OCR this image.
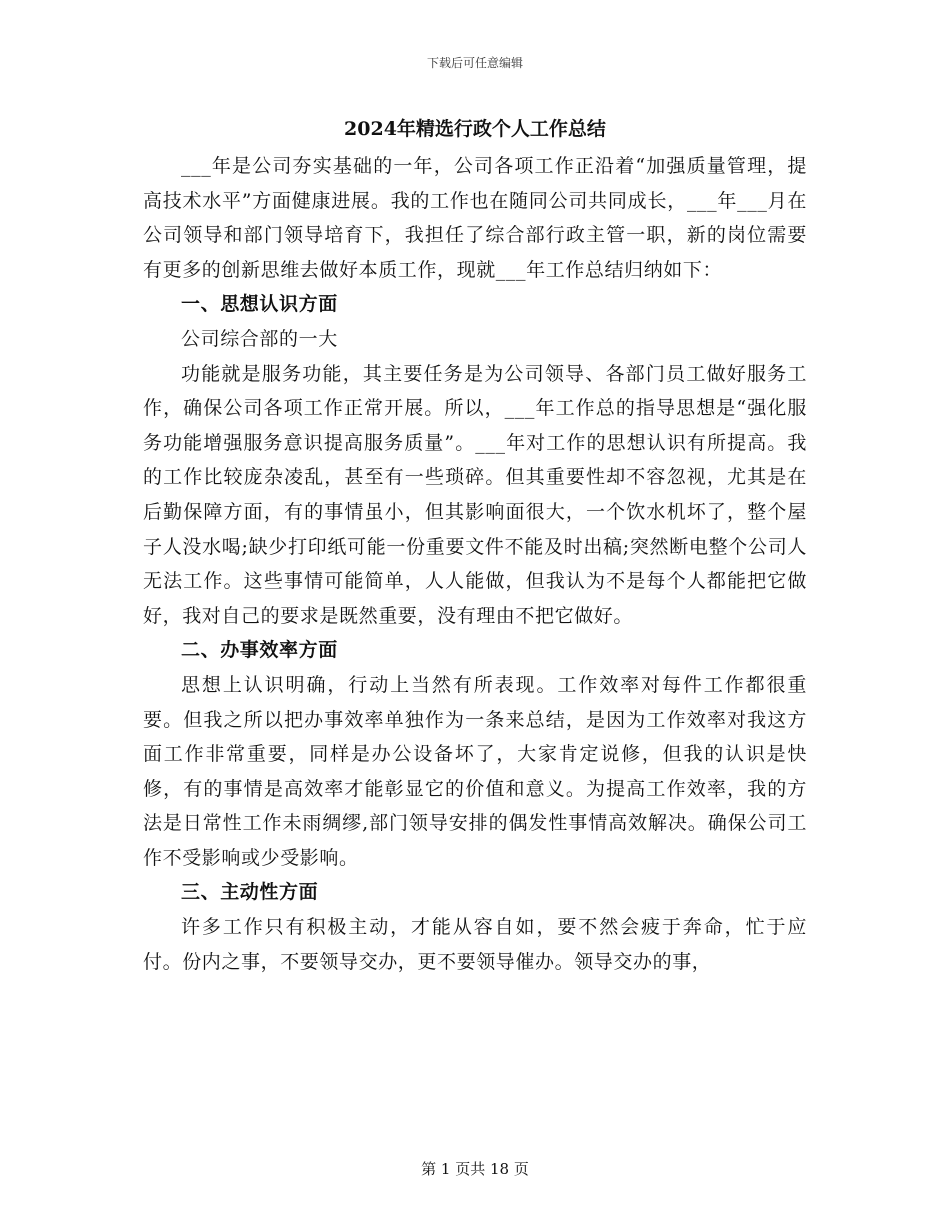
下载后可任意编辑
2024年精选行政个人工作总结

___年是公司夯实基础的一年，公司各项工作正沿着“加强质量管理，提高技术水平”方面健康进展。我的工作也在随同公司共同成长，___年___月在公司领导和部门领导培育下，我担任了综合部行政主管一职，新的岗位需要有更多的创新思维去做好本质工作，现就___年工作总结归纳如下：

一、思想认识方面

公司综合部的一大

功能就是服务功能，其主要任务是为公司领导、各部门员工做好服务工作，确保公司各项工作正常开展。所以，___年工作总的指导思想是“强化服务功能增强服务意识提高服务质量”。___年对工作的思想认识有所提高。我的工作比较庞杂凌乱，甚至有一些琐碎。但其重要性却不容忽视，尤其是在后勤保障方面，有的事情虽小，但其影响面很大，一个饮水机坏了，整个屋子人没水喝;缺少打印纸可能一份重要文件不能及时出稿;突然断电整个公司人无法工作。这些事情可能简单，人人能做，但我认为不是每个人都能把它做好，我对自己的要求是既然重要，没有理由不把它做好。

二、办事效率方面

思想上认识明确，行动上当然有所表现。工作效率对每件工作都很重要。但我之所以把办事效率单独作为一条来总结，是因为工作效率对我这方面工作非常重要，同样是办公设备坏了，大家肯定说修，但我的认识是快修，有的事情是高效率才能彰显它的价值和意义。为提高工作效率，我的方法是日常性工作未雨绸缪,部门领导安排的偶发性事情高效解决。确保公司工作不受影响或少受影响。

三、主动性方面

许多工作只有积极主动，才能从容自如，要不然会疲于奔命，忙于应付。份内之事，不要领导交办，更不要领导催办。领导交办的事，

第 1 页共 18 页
